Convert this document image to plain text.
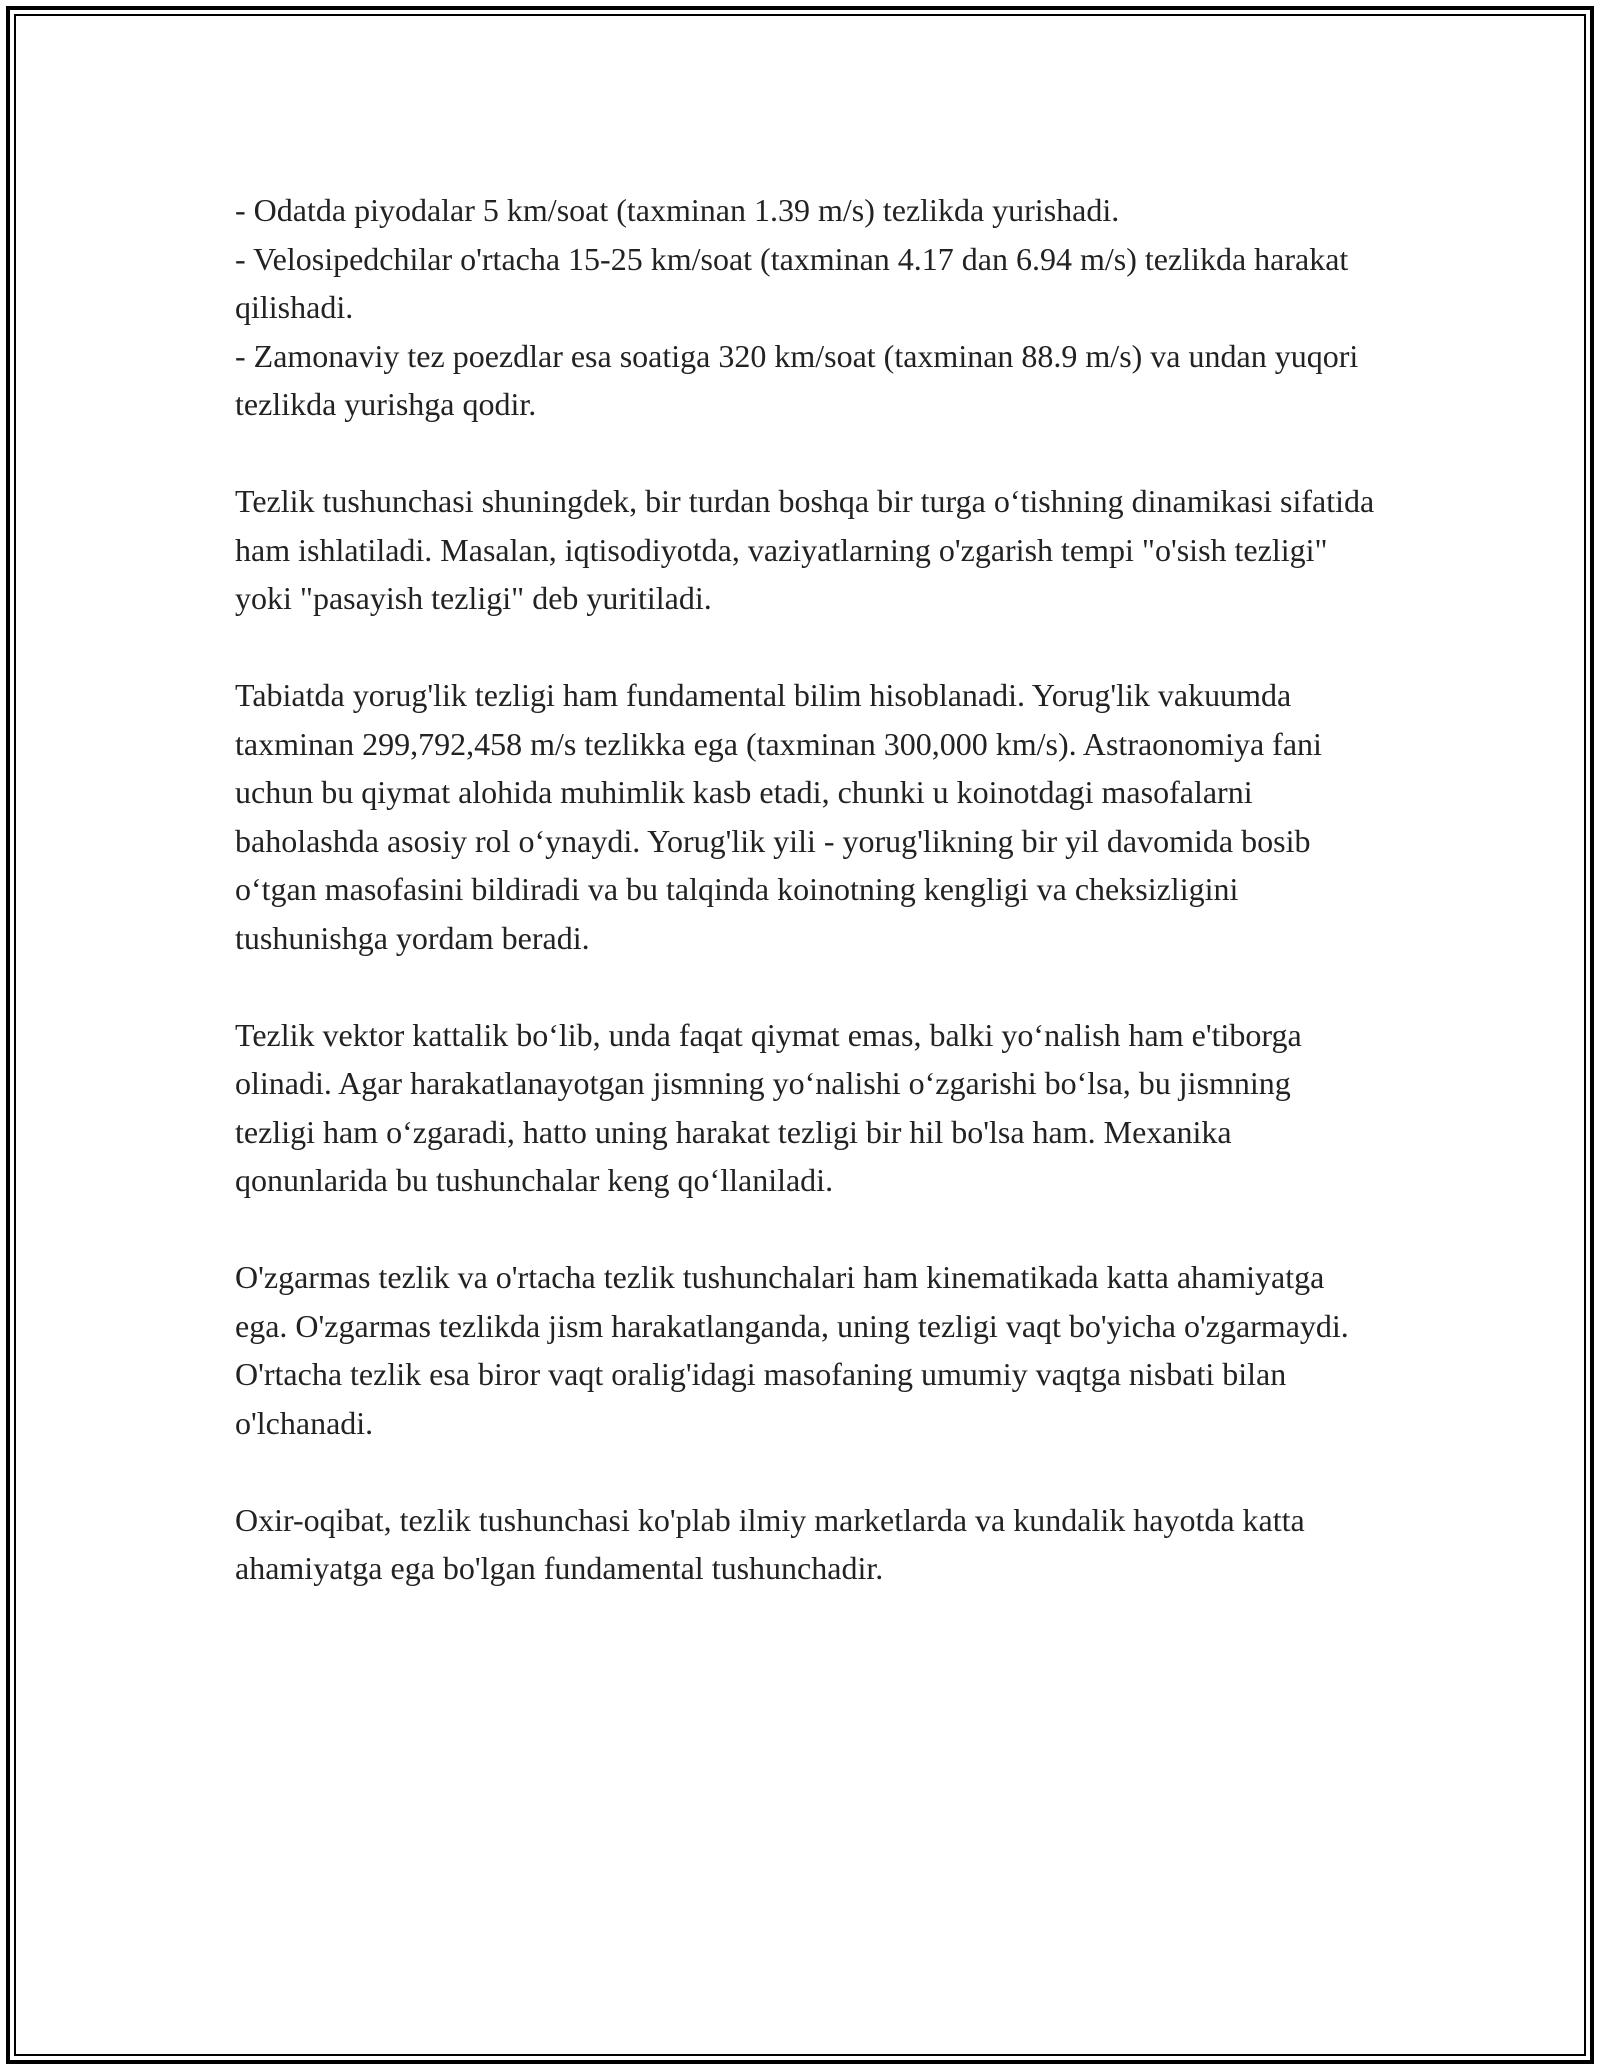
- Odatda piyodalar 5 km/soat (taxminan 1.39 m/s) tezlikda yurishadi.
- Velosipedchilar o'rtacha 15-25 km/soat (taxminan 4.17 dan 6.94 m/s) tezlikda harakat qilishadi.
- Zamonaviy tez poezdlar esa soatiga 320 km/soat (taxminan 88.9 m/s) va undan yuqori tezlikda yurishga qodir.

Tezlik tushunchasi shuningdek, bir turdan boshqa bir turga o‘tishning dinamikasi sifatida ham ishlatiladi. Masalan, iqtisodiyotda, vaziyatlarning o'zgarish tempi "o'sish tezligi" yoki "pasayish tezligi" deb yuritiladi.

Tabiatda yorug'lik tezligi ham fundamental bilim hisoblanadi. Yorug'lik vakuumda taxminan 299,792,458 m/s tezlikka ega (taxminan 300,000 km/s). Astraonomiya fani uchun bu qiymat alohida muhimlik kasb etadi, chunki u koinotdagi masofalarni baholashda asosiy rol o‘ynaydi. Yorug'lik yili - yorug'likning bir yil davomida bosib o‘tgan masofasini bildiradi va bu talqinda koinotning kengligi va cheksizligini tushunishga yordam beradi.

Tezlik vektor kattalik bo‘lib, unda faqat qiymat emas, balki yo‘nalish ham e'tiborga olinadi. Agar harakatlanayotgan jismning yo‘nalishi o‘zgarishi bo‘lsa, bu jismning tezligi ham o‘zgaradi, hatto uning harakat tezligi bir hil bo'lsa ham. Mexanika qonunlarida bu tushunchalar keng qo‘llaniladi.

O'zgarmas tezlik va o'rtacha tezlik tushunchalari ham kinematikada katta ahamiyatga ega. O'zgarmas tezlikda jism harakatlanganda, uning tezligi vaqt bo'yicha o'zgarmaydi. O'rtacha tezlik esa biror vaqt oralig'idagi masofaning umumiy vaqtga nisbati bilan o'lchanadi.

Oxir-oqibat, tezlik tushunchasi ko'plab ilmiy marketlarda va kundalik hayotda katta ahamiyatga ega bo'lgan fundamental tushunchadir.
